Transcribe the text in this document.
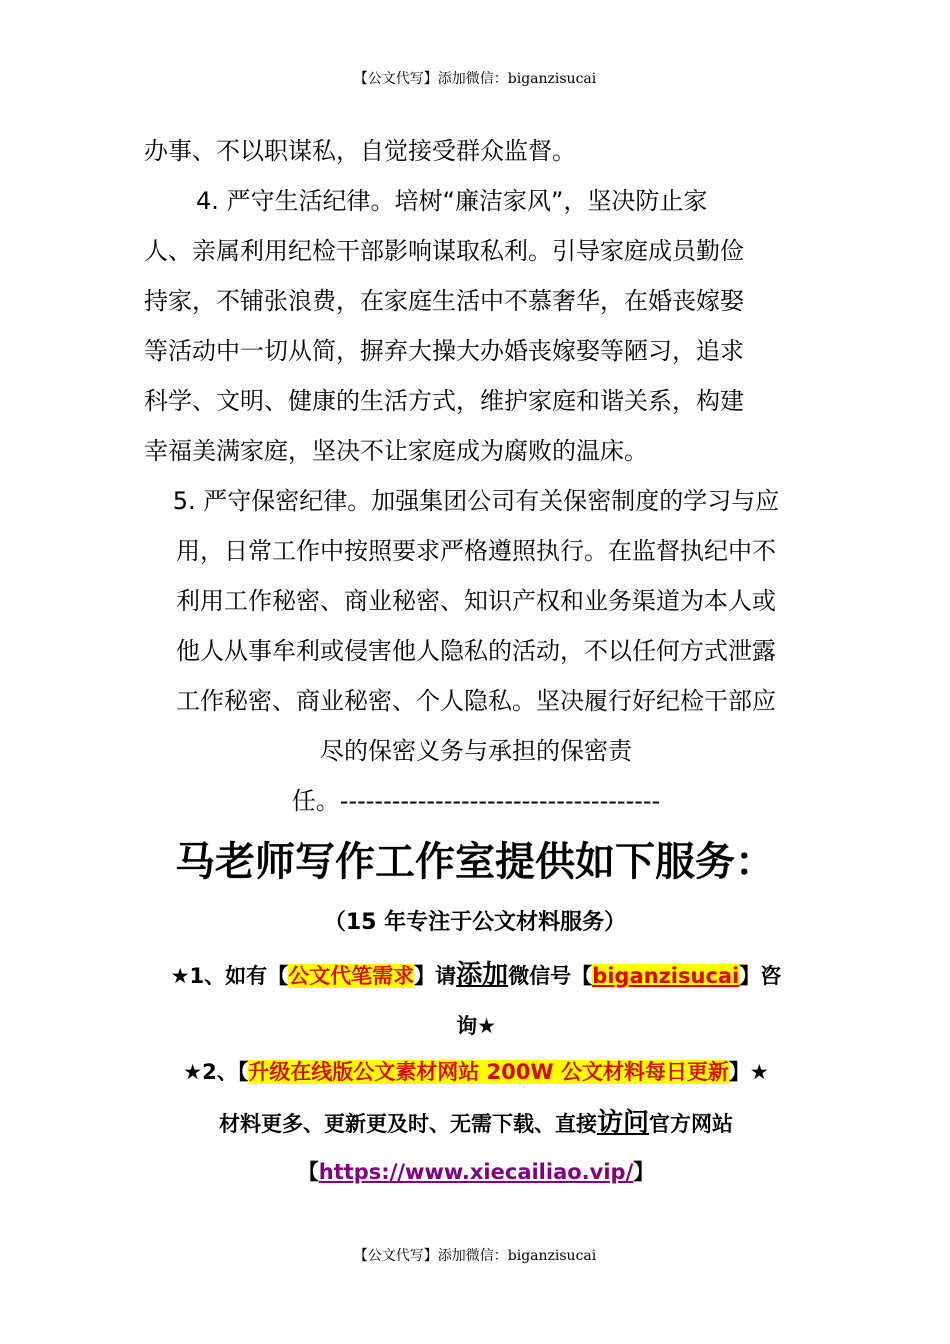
【公文代写】添加微信：biganzisucai
办事、不以职谋私，自觉接受群众监督。
4. 严守生活纪律。培树“廉洁家风”，坚决防止家
人、亲属利用纪检干部影响谋取私利。引导家庭成员勤俭
持家，不铺张浪费，在家庭生活中不慕奢华，在婚丧嫁娶
等活动中一切从简，摒弃大操大办婚丧嫁娶等陋习，追求
科学、文明、健康的生活方式，维护家庭和谐关系，构建
幸福美满家庭，坚决不让家庭成为腐败的温床。
5. 严守保密纪律。加强集团公司有关保密制度的学习与应
用，日常工作中按照要求严格遵照执行。在监督执纪中不
利用工作秘密、商业秘密、知识产权和业务渠道为本人或
他人从事牟利或侵害他人隐私的活动，不以任何方式泄露
工作秘密、商业秘密、个人隐私。坚决履行好纪检干部应
尽的保密义务与承担的保密责
任。-------------------------------------
马老师写作工作室提供如下服务：
（15 年专注于公文材料服务）
★1、如有【公文代笔需求】请添加微信号【biganzisucai】咨
询★
★2、【升级在线版公文素材网站 200W 公文材料每日更新】★
材料更多、更新更及时、无需下载、直接访问官方网站
【https://www.xiecailiao.vip/】
【公文代写】添加微信：biganzisucai
